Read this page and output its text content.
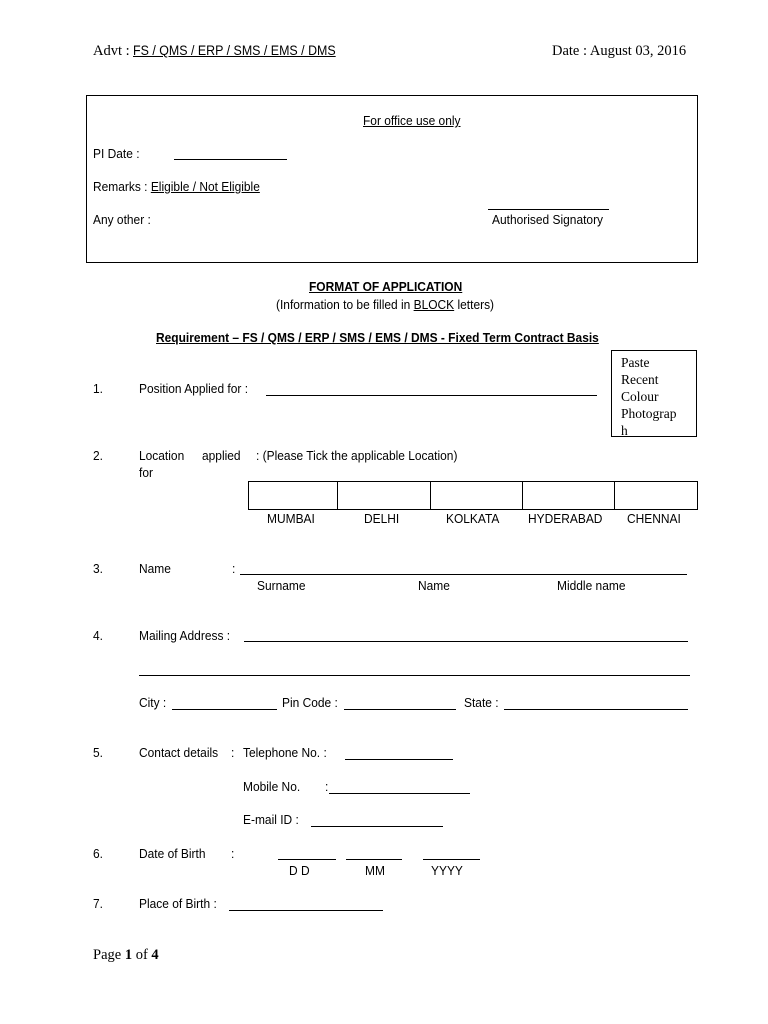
Advt : FS / QMS / ERP / SMS / EMS / DMS	Date : August 03, 2016
For office use only
PI Date :
Remarks : Eligible / Not Eligible
Any other :	Authorised Signatory
FORMAT OF APPLICATION
(Information to be filled in BLOCK letters)
Requirement – FS / QMS / ERP / SMS / EMS / DMS - Fixed Term Contract Basis
Paste
Recent
Colour
Photograp
h
1.	Position Applied for :
2.	Location applied
for
: (Please Tick the applicable Location)
MUMBAI	DELHI	KOLKATA HYDERABAD CHENNAI
3.	Name	:
Surname	Name	Middle name
4.	Mailing Address :
City :	Pin Code :	State :
5.	Contact details : Telephone No. :
Mobile No. :
E-mail ID :
6.	Date of Birth :
D D	MM	YYYY
7.	Place of Birth :
Page 1 of 4
